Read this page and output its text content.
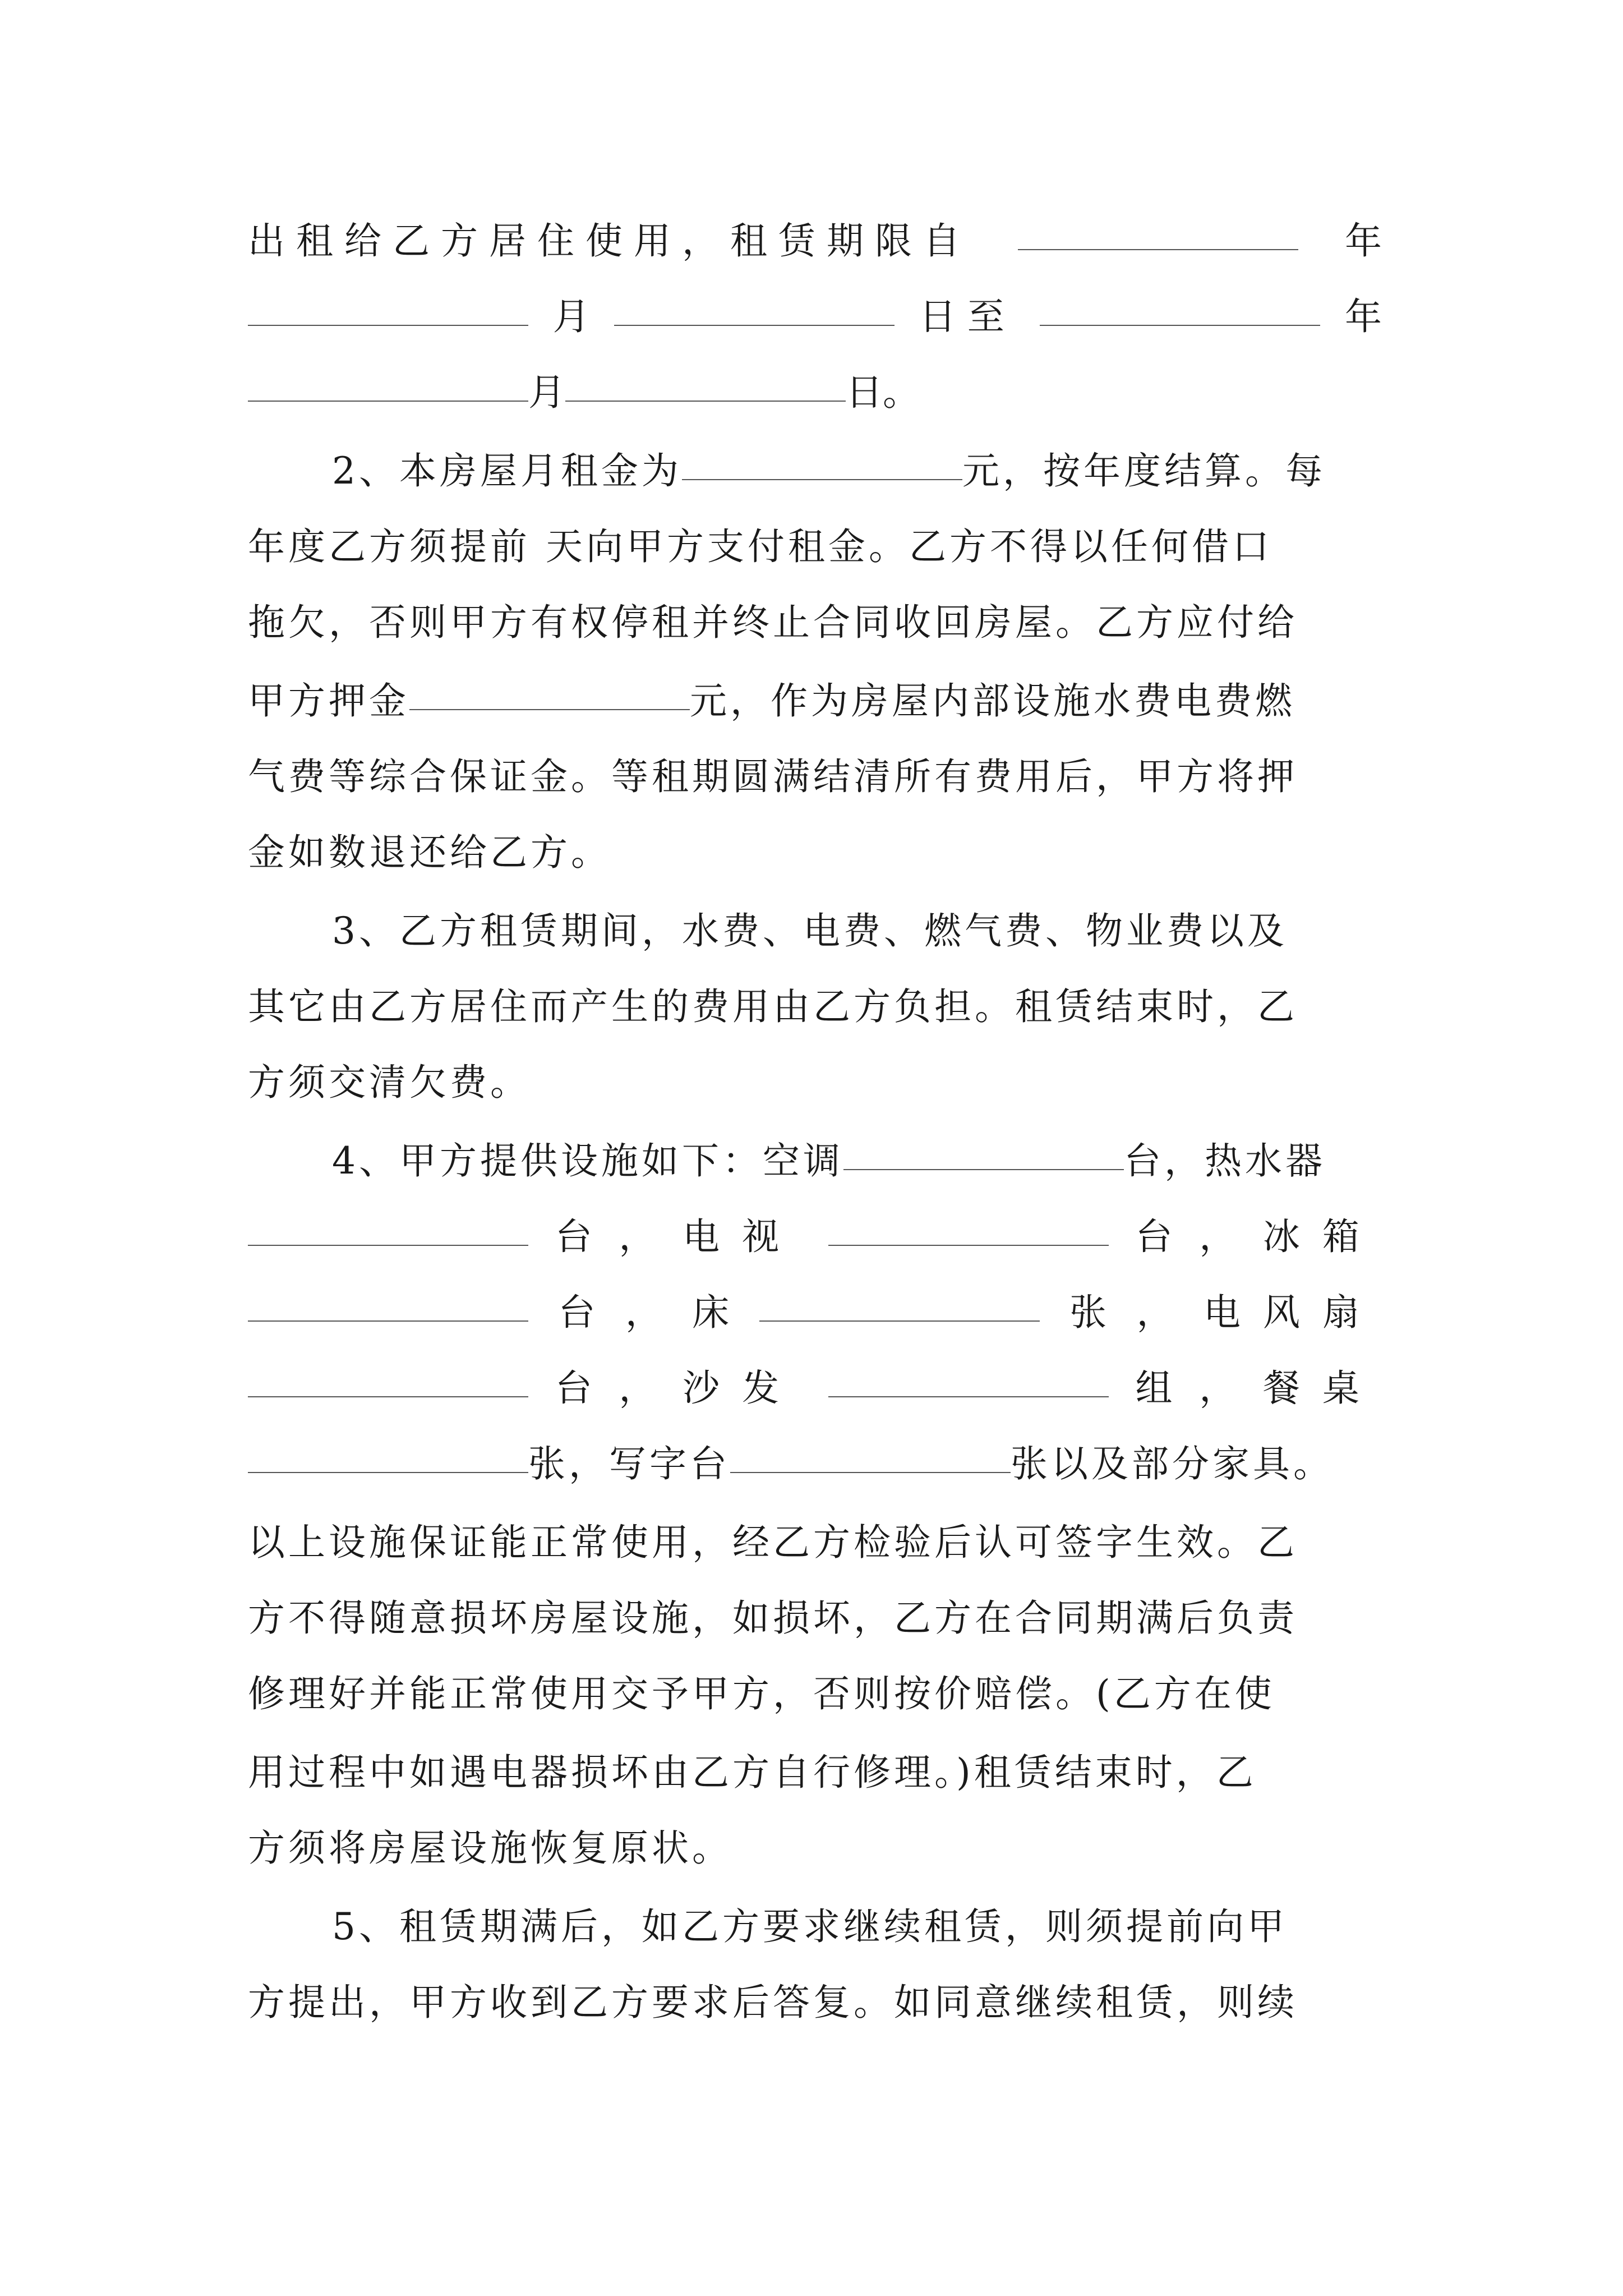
出租给乙方居住使用，租赁期限自	年
月	日至	年
月	日。
2、本房屋月租金为	元，按年度结算。每
年度乙方须提前 天向甲方支付租金。乙方不得以任何借口
拖欠，否则甲方有权停租并终止合同收回房屋。乙方应付给
甲方押金	元，作为房屋内部设施水费电费燃
气费等综合保证金。等租期圆满结清所有费用后，甲方将押
金如数退还给乙方。
3、乙方租赁期间，水费、电费、燃气费、物业费以及
其它由乙方居住而产生的费用由乙方负担。租赁结束时，乙
方须交清欠费。
4、甲方提供设施如下：空调	台，热水器
台 ， 电视	台 ， 冰箱
台 ， 床	张 ， 电风扇
台 ， 沙发	组 ， 餐桌
张，写字台	张以及部分家具。
以上设施保证能正常使用，经乙方检验后认可签字生效。乙
方不得随意损坏房屋设施，如损坏，乙方在合同期满后负责
修理好并能正常使用交予甲方，否则按价赔偿。(乙方在使
用过程中如遇电器损坏由乙方自行修理。)租赁结束时，乙
方须将房屋设施恢复原状。
5、租赁期满后，如乙方要求继续租赁，则须提前向甲
方提出，甲方收到乙方要求后答复。如同意继续租赁，则续
